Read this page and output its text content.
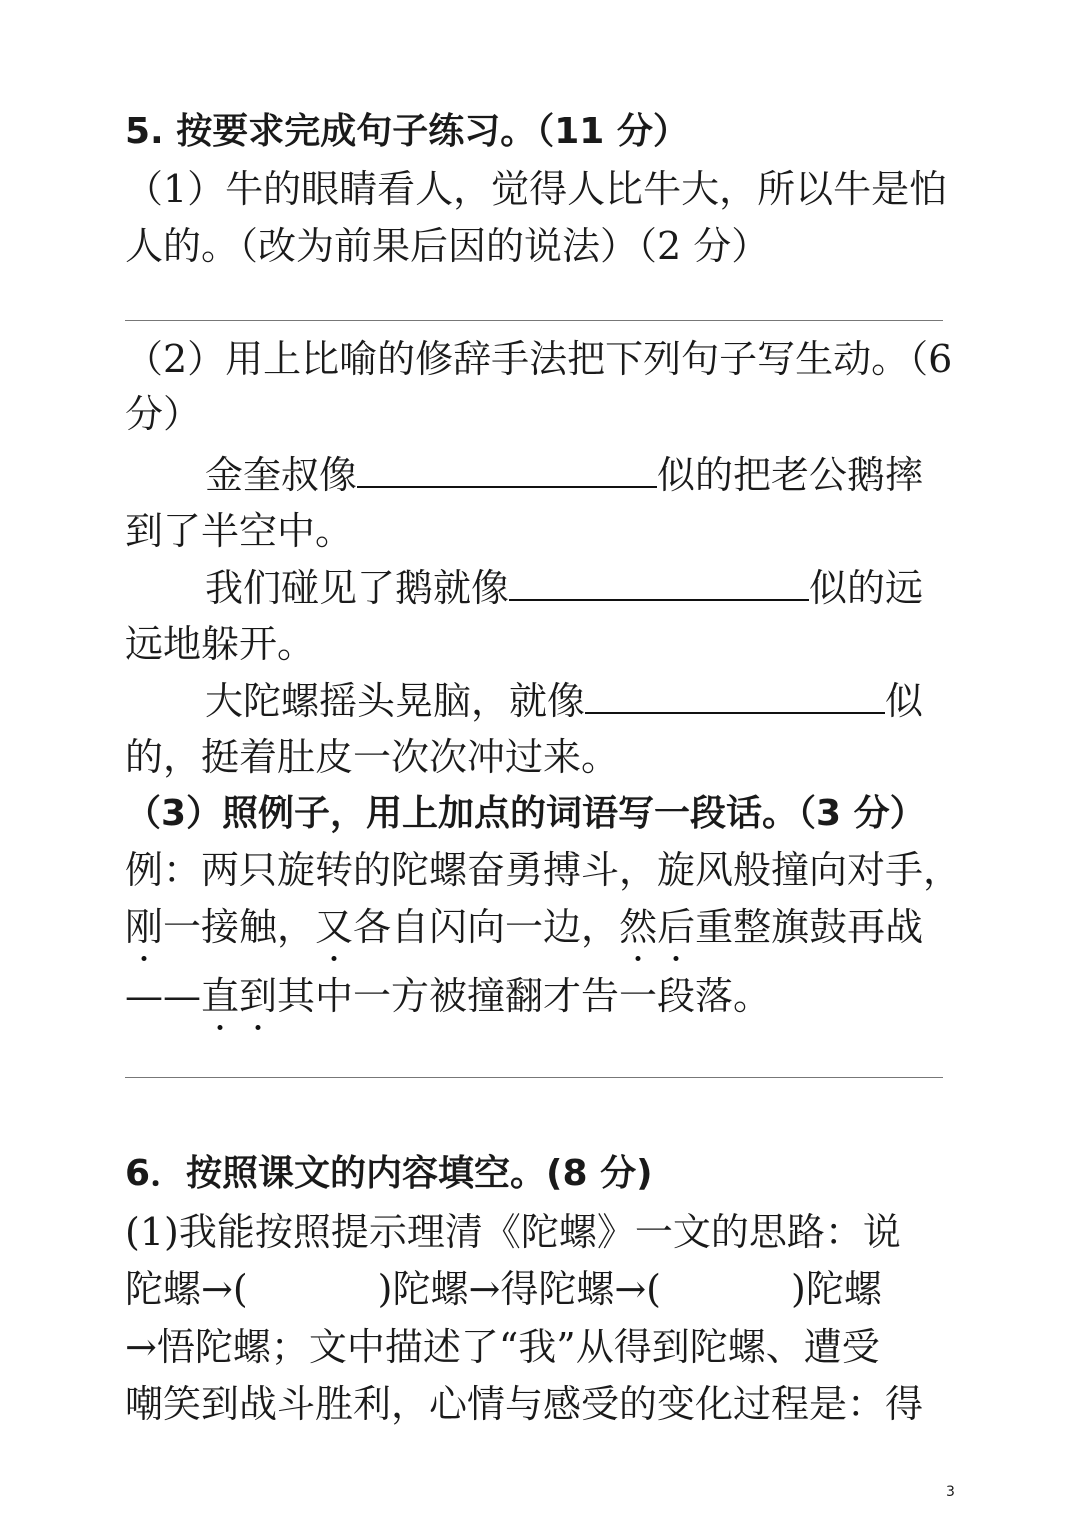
5. 按要求完成句子练习。（11 分）
（1）牛的眼睛看人，觉得人比牛大，所以牛是怕
人的。（改为前果后因的说法）（2 分）
（2）用上比喻的修辞手法把下列句子写生动。（6
分）
金奎叔像	似的把老公鹅摔
到了半空中。
我们碰见了鹅就像	似的远
远地躲开。
大陀螺摇头晃脑，就像	似
的，挺着肚皮一次次冲过来。
（3）照例子，用上加点的词语写一段话。（3 分）
例：两只旋转的陀螺奋勇搏斗，旋风般撞向对手，
刚
一接触，又
各自闪向一边，然
后
重整旗鼓再战
——直
到
其中一方被撞翻才告一段落。
6．按照课文的内容填空。(8 分)
(1)我能按照提示理清《陀螺》一文的思路：说
陀螺→(	)陀螺→得陀螺→(	)陀螺
→悟陀螺；文中描述了“我”从得到陀螺、遭受
嘲笑到战斗胜利，心情与感受的变化过程是：得
3
